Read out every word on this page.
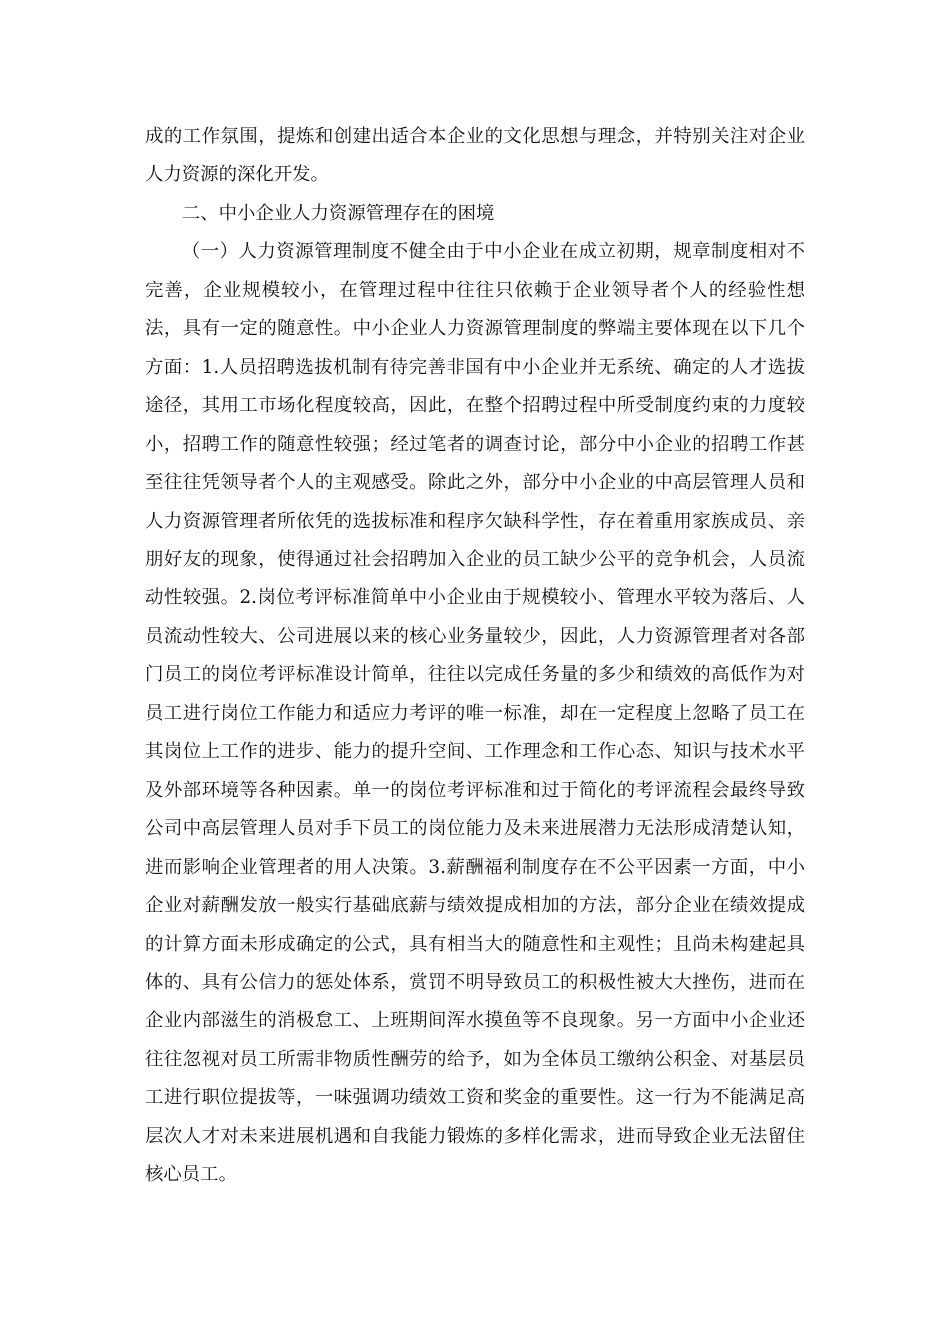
成的工作氛围，提炼和创建出适合本企业的文化思想与理念，并特别关注对企业人力资源的深化开发。

二、中小企业人力资源管理存在的困境

（一）人力资源管理制度不健全由于中小企业在成立初期，规章制度相对不完善，企业规模较小，在管理过程中往往只依赖于企业领导者个人的经验性想法，具有一定的随意性。中小企业人力资源管理制度的弊端主要体现在以下几个方面：1.人员招聘选拔机制有待完善非国有中小企业并无系统、确定的人才选拔途径，其用工市场化程度较高，因此，在整个招聘过程中所受制度约束的力度较小，招聘工作的随意性较强；经过笔者的调查讨论，部分中小企业的招聘工作甚至往往凭领导者个人的主观感受。除此之外，部分中小企业的中高层管理人员和人力资源管理者所依凭的选拔标准和程序欠缺科学性，存在着重用家族成员、亲朋好友的现象，使得通过社会招聘加入企业的员工缺少公平的竞争机会，人员流动性较强。2.岗位考评标准简单中小企业由于规模较小、管理水平较为落后、人员流动性较大、公司进展以来的核心业务量较少，因此，人力资源管理者对各部门员工的岗位考评标准设计简单，往往以完成任务量的多少和绩效的高低作为对员工进行岗位工作能力和适应力考评的唯一标准，却在一定程度上忽略了员工在其岗位上工作的进步、能力的提升空间、工作理念和工作心态、知识与技术水平及外部环境等各种因素。单一的岗位考评标准和过于简化的考评流程会最终导致公司中高层管理人员对手下员工的岗位能力及未来进展潜力无法形成清楚认知，进而影响企业管理者的用人决策。3.薪酬福利制度存在不公平因素一方面，中小企业对薪酬发放一般实行基础底薪与绩效提成相加的方法，部分企业在绩效提成的计算方面未形成确定的公式，具有相当大的随意性和主观性；且尚未构建起具体的、具有公信力的惩处体系，赏罚不明导致员工的积极性被大大挫伤，进而在企业内部滋生的消极怠工、上班期间浑水摸鱼等不良现象。另一方面中小企业还往往忽视对员工所需非物质性酬劳的给予，如为全体员工缴纳公积金、对基层员工进行职位提拔等，一味强调功绩效工资和奖金的重要性。这一行为不能满足高层次人才对未来进展机遇和自我能力锻炼的多样化需求，进而导致企业无法留住核心员工。
